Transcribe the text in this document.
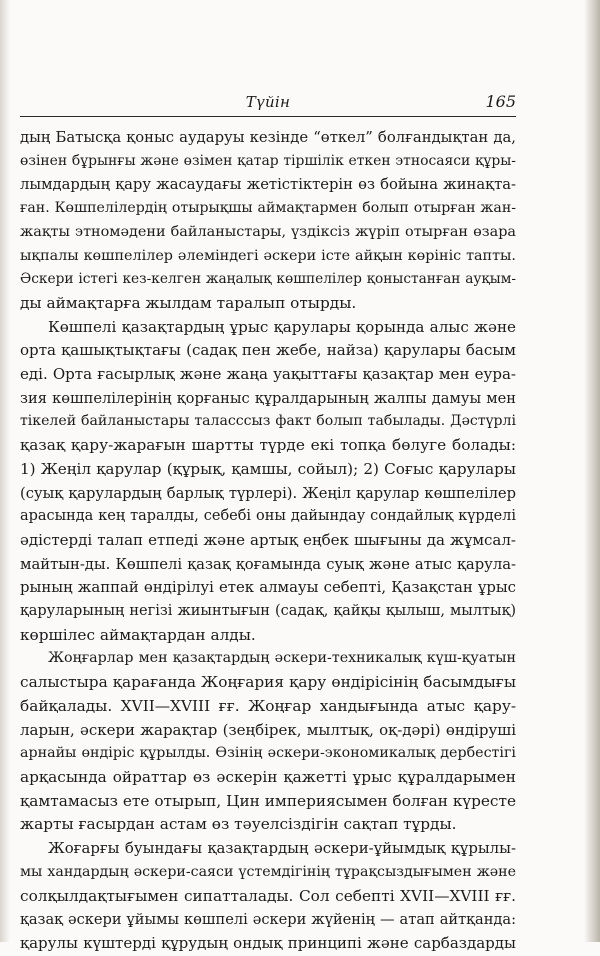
Түйін	165

дың Батысқа қоныс аударуы кезінде “өткел” болғандықтан да,

өзінен бұрынғы және өзімен қатар тіршілік еткен этносаяси құры-

лымдардың қару жасаудағы жетістіктерін өз бойына жинақта-

ған. Көшпелілердің отырықшы аймақтармен болып отырған жан-

жақты этномәдени байланыстары, үздіксіз жүріп отырған өзара

ықпалы көшпелілер әлеміндегі әскери істе айқын көрініс тапты.

Әскери істегі кез-келген жаңалық көшпелілер қоныстанған ауқым-

ды аймақтарға жылдам таралып отырды.

Көшпелі қазақтардың ұрыс қарулары қорында алыс және

орта қашықтықтағы (садақ пен жебе, найза) қарулары басым

еді. Орта ғасырлық және жаңа уақыттағы қазақтар мен еура-

зия көшпелілерінің қорғаныс құралдарының жалпы дамуы мен

тікелей байланыстары таласссыз факт болып табылады. Дәстүрлі

қазақ қару-жарағын шартты түрде екі топқа бөлуге болады:

1) Жеңіл қарулар (құрық, қамшы, сойыл); 2) Соғыс қарулары

(суық қарулардың барлық түрлері). Жеңіл қарулар көшпелілер

арасында кең таралды, себебі оны дайындау сондайлық күрделі

әдістерді талап етпеді және артық еңбек шығыны да жұмсал-

майтын-ды. Көшпелі қазақ қоғамында суық және атыс қарула-

рының жаппай өндірілуі етек алмауы себепті, Қазақстан ұрыс

қаруларының негізі жиынтығын (садақ, қайқы қылыш, мылтық)

көршілес аймақтардан алды.

Жоңғарлар мен қазақтардың әскери-техникалық күш-қуатын

салыстыра қарағанда Жоңғария қару өндірісінің басымдығы

байқалады. XVII—XVIII ғғ. Жоңғар хандығында атыс қару-

ларын, әскери жарақтар (зеңбірек, мылтық, оқ-дәрі) өндіруші

арнайы өндіріс құрылды. Өзінің әскери-экономикалық дербестігі

арқасында ойраттар өз әскерін қажетті ұрыс құралдарымен

қамтамасыз ете отырып, Цин империясымен болған күресте

жарты ғасырдан астам өз тәуелсіздігін сақтап тұрды.

Жоғарғы буындағы қазақтардың әскери-ұйымдық құрылы-

мы хандардың әскери-саяси үстемдігінің тұрақсыздығымен және

солқылдақтығымен сипатталады. Сол себепті XVII—XVIII ғғ.

қазақ әскери ұйымы көшпелі әскери жүйенің — атап айтқанда:

қарулы күштерді құрудың ондық принципі және сарбаздарды
